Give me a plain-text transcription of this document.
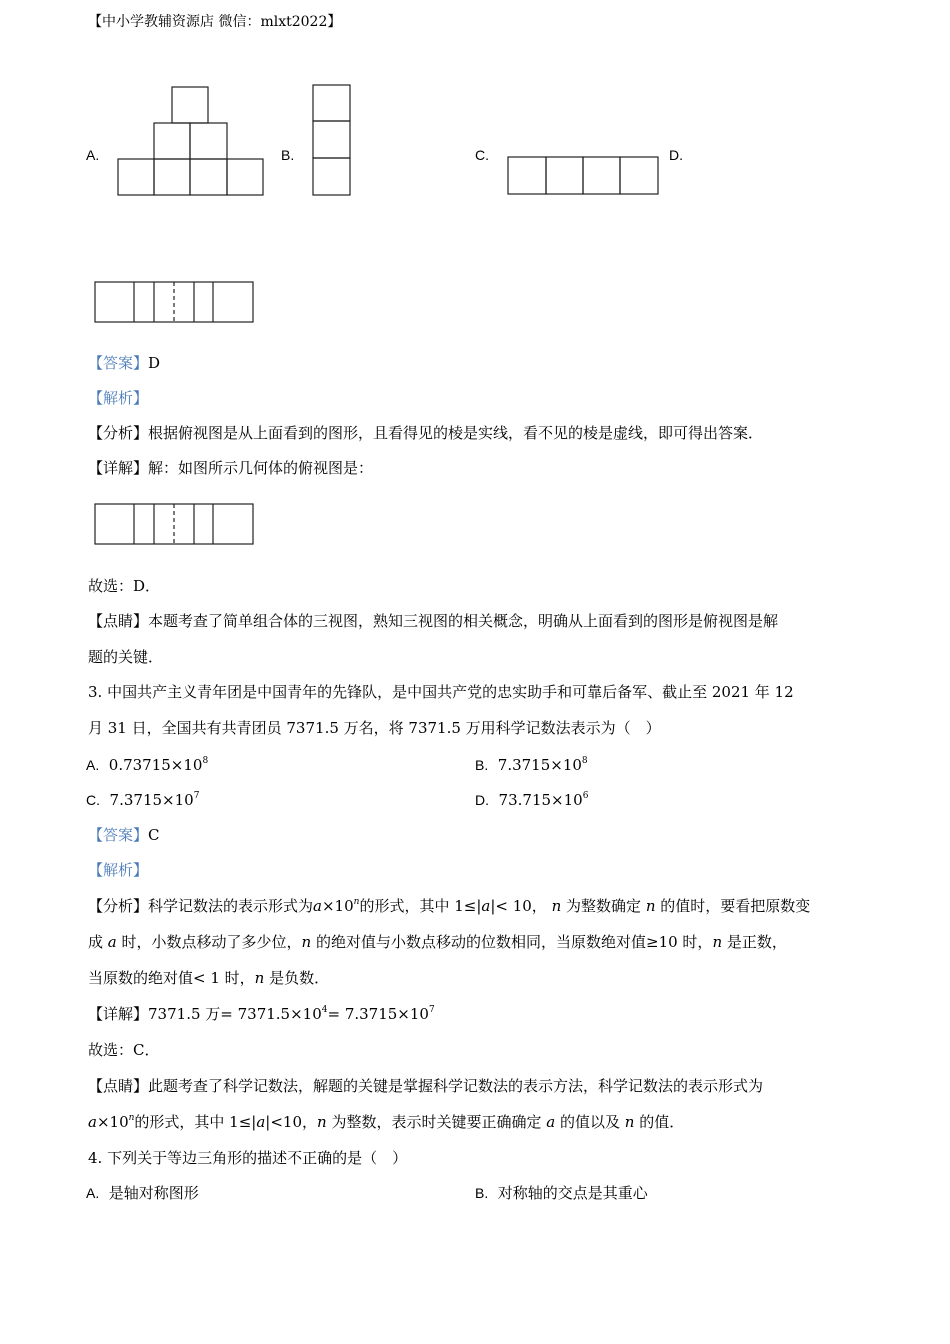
【中小学教辅资源店 微信：mlxt2022】
A.	B.	C.	D.
【答案】D
【解析】
【分析】根据俯视图是从上面看到的图形，且看得见的棱是实线，看不见的棱是虚线，即可得出答案．
【详解】解：如图所示几何体的俯视图是：
故选：D．
【点睛】本题考查了简单组合体的三视图，熟知三视图的相关概念，明确从上面看到的图形是俯视图是解
题的关键．
3. 中国共产主义青年团是中国青年的先锋队，是中国共产党的忠实助手和可靠后备军、截止至 2021 年 12
月 31 日，全国共有共青团员 7371.5 万名，将 7371.5 万用科学记数法表示为（　）
A. $0.73715\times 10^8$	B. $7.3715\times 10^8$
C. $7.3715\times 10^7$	D. $73.715\times 10^6$
【答案】C
【解析】
【分析】科学记数法的表示形式为$a\times 10^n$的形式，其中 1≤|a|< 10， n 为整数确定 n 的值时，要看把原数变
成 a 时，小数点移动了多少位，n 的绝对值与小数点移动的位数相同，当原数绝对值≥10 时，n 是正数，
当原数的绝对值< 1 时，n 是负数．
【详解】7371.5 万= $7371.5\times 10^4= 7.3715\times 10^7$
故选：C．
【点睛】此题考查了科学记数法，解题的关键是掌握科学记数法的表示方法，科学记数法的表示形式为
$a\times 10^n$的形式，其中 1≤|a|<10，n 为整数，表示时关键要正确确定 a 的值以及 n 的值．
4. 下列关于等边三角形的描述不正确的是（　）
A. 是轴对称图形	B. 对称轴的交点是其重心
